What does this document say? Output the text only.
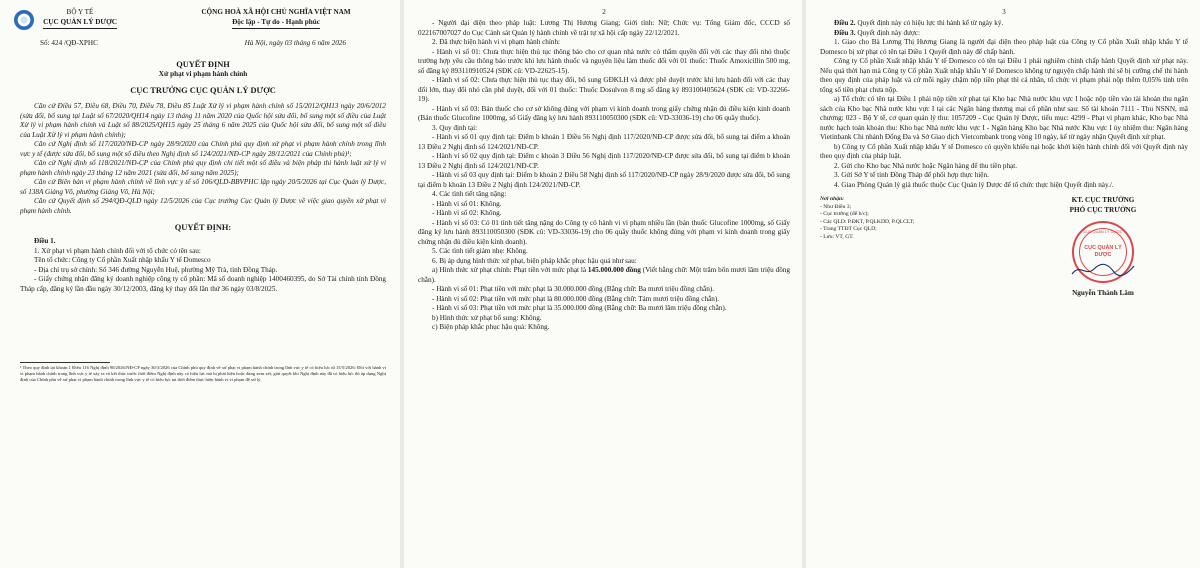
BỘ Y TẾ
CỤC QUẢN LÝ DƯỢC
CỘNG HOÀ XÃ HỘI CHỦ NGHĨA VIỆT NAM
Độc lập - Tự do - Hạnh phúc
Số: 424 /QĐ-XPHC	Hà Nội, ngày 03 tháng 6 năm 2026
QUYẾT ĐỊNH
Xử phạt vi phạm hành chính
CỤC TRƯỞNG CỤC QUẢN LÝ DƯỢC

Căn cứ Điều 57, Điều 68, Điều 70, Điều 78, Điều 85 Luật Xử lý vi phạm hành chính số 15/2012/QH13 ngày 20/6/2012 (sửa đổi, bổ sung tại Luật số 67/2020/QH14 ngày 13 tháng 11 năm 2020 của Quốc hội sửa đổi, bổ sung một số điều của Luật Xử lý vi phạm hành chính và Luật số 88/2025/QH15 ngày 25 tháng 6 năm 2025 của Quốc hội sửa đổi, bổ sung một số điều của Luật Xử lý vi phạm hành chính);

Căn cứ Nghị định số 117/2020/NĐ-CP ngày 28/9/2020 của Chính phủ quy định xử phạt vi phạm hành chính trong lĩnh vực y tế (được sửa đổi, bổ sung một số điều theo Nghị định số 124/2021/NĐ-CP ngày 28/12/2021 của Chính phủ)¹;

Căn cứ Nghị định số 118/2021/NĐ-CP của Chính phủ quy định chi tiết một số điều và biện pháp thi hành luật xử lý vi phạm hành chính ngày 23 tháng 12 năm 2021 (sửa đổi, bổ sung năm 2025);

Căn cứ Biên bản vi phạm hành chính về lĩnh vực y tế số 106/QLD-BBVPHC lập ngày 20/5/2026 tại Cục Quản lý Dược, số 138A Giảng Võ, phường Giảng Võ, Hà Nội;

Căn cứ Quyết định số 294/QĐ-QLD ngày 12/5/2026 của Cục trưởng Cục Quản lý Dược về việc giao quyền xử phạt vi phạm hành chính.

QUYẾT ĐỊNH:

Điều 1.

1. Xử phạt vi phạm hành chính đối với tổ chức có tên sau:

Tên tổ chức: Công ty Cổ phần Xuất nhập khẩu Y tế Domesco

- Địa chỉ trụ sở chính: Số 346 đường Nguyễn Huệ, phường Mỹ Trà, tỉnh Đồng Tháp.

- Giấy chứng nhận đăng ký doanh nghiệp công ty cổ phần: Mã số doanh nghiệp 1400460395, do Sở Tài chính tỉnh Đồng Tháp cấp, đăng ký lần đầu ngày 30/12/2003, đăng ký thay đổi lần thứ 36 ngày 03/8/2025.

¹ Theo quy định tại khoản 1 Điều 116 Nghị định 90/2026/NĐ-CP ngày 30/3/2026 của Chính phủ quy định về xử phạt vi phạm hành chính trong lĩnh vực y tế có hiệu lực từ 15/5/2026: Đối với hành vi vi phạm hành chính trong lĩnh vực y tế xảy ra và kết thúc trước thời điểm Nghị định này có hiệu lực mà bị phát hiện hoặc đang xem xét, giải quyết khi Nghị định này đã có hiệu lực thì áp dụng Nghị định của Chính phủ về xử phạt vi phạm hành chính trong lĩnh vực y tế có hiệu lực tại thời điểm thực hiện hành vi vi phạm để xử lý.

2

- Người đại diện theo pháp luật: Lương Thị Hương Giang; Giới tính: Nữ; Chức vụ: Tổng Giám đốc, CCCD số 022167007027 do Cục Cảnh sát Quản lý hành chính về trật tự xã hội cấp ngày 22/12/2021.

2. Đã thực hiện hành vi vi phạm hành chính:

- Hành vi số 01: Chưa thực hiện thủ tục thông báo cho cơ quan nhà nước có thẩm quyền đối với các thay đổi nhỏ thuộc trường hợp yêu cầu thông báo trước khi lưu hành thuốc và nguyên liệu làm thuốc đối với 01 thuốc: Thuốc Amoxicillin 500 mg, số đăng ký 893110910524 (SĐK cũ: VD-22625-15).

- Hành vi số 02: Chưa thực hiện thủ tục thay đổi, bổ sung GĐKLH và được phê duyệt trước khi lưu hành đối với các thay đổi lớn, thay đổi nhỏ cần phê duyệt, đối với 01 thuốc: Thuốc Dosulvon 8 mg số đăng ký 893100405624 (SĐK cũ: VD-32266-19).

- Hành vi số 03: Bán thuốc cho cơ sở không đúng với phạm vi kinh doanh trong giấy chứng nhận đủ điều kiện kinh doanh (Bán thuốc Glucofine 1000mg, số Giấy đăng ký lưu hành 893110050300 (SĐK cũ: VD-33036-19) cho 06 quầy thuốc).

3. Quy định tại:

- Hành vi số 01 quy định tại: Điểm b khoản 1 Điều 56 Nghị định 117/2020/NĐ-CP được sửa đổi, bổ sung tại điểm a khoản 13 Điều 2 Nghị định số 124/2021/NĐ-CP.

- Hành vi số 02 quy định tại: Điểm c khoản 3 Điều 56 Nghị định 117/2020/NĐ-CP được sửa đổi, bổ sung tại điểm b khoản 13 Điều 2 Nghị định số 124/2021/NĐ-CP.

- Hành vi số 03 quy định tại: Điểm b khoản 2 Điều 58 Nghị định số 117/2020/NĐ-CP ngày 28/9/2020 được sửa đổi, bổ sung tại điểm b khoản 13 Điều 2 Nghị định 124/2021/NĐ-CP.

4. Các tình tiết tăng nặng:

- Hành vi số 01: Không.

- Hành vi số 02: Không.

- Hành vi số 03: Có 01 tình tiết tăng nặng do Công ty có hành vi vi phạm nhiều lần (bán thuốc Glucofine 1000mg, số Giấy đăng ký lưu hành 893110050300 (SĐK cũ: VD-33036-19) cho 06 quầy thuốc không đúng với phạm vi kinh doanh trong giấy chứng nhận đủ điều kiện kinh doanh).

5. Các tình tiết giảm nhẹ: Không.

6. Bị áp dụng hình thức xử phạt, biện pháp khắc phục hậu quả như sau:

a) Hình thức xử phạt chính: Phạt tiền với mức phạt là 145.000.000 đồng (Viết bằng chữ: Một trăm bốn mươi lăm triệu đồng chẵn).

- Hành vi số 01: Phạt tiền với mức phạt là 30.000.000 đồng (Bằng chữ: Ba mươi triệu đồng chẵn).

- Hành vi số 02: Phạt tiền với mức phạt là 80.000.000 đồng (Bằng chữ: Tám mươi triệu đồng chẵn).

- Hành vi số 03: Phạt tiền với mức phạt là 35.000.000 đồng (Bằng chữ: Ba mươi lăm triệu đồng chẵn).

b) Hình thức xử phạt bổ sung: Không.

c) Biện pháp khắc phục hậu quả: Không.

3

Điều 2. Quyết định này có hiệu lực thi hành kể từ ngày ký.

Điều 3. Quyết định này được:

1. Giao cho Bà Lương Thị Hương Giang là người đại diện theo pháp luật của Công ty Cổ phần Xuất nhập khẩu Y tế Domesco bị xử phạt có tên tại Điều 1 Quyết định này để chấp hành.

Công ty Cổ phần Xuất nhập khẩu Y tế Domesco có tên tại Điều 1 phải nghiêm chỉnh chấp hành Quyết định xử phạt này. Nếu quá thời hạn mà Công ty Cổ phần Xuất nhập khẩu Y tế Domesco không tự nguyện chấp hành thì sẽ bị cưỡng chế thi hành theo quy định của pháp luật và cứ mỗi ngày chậm nộp tiền phạt thì cá nhân, tổ chức vi phạm phải nộp thêm 0,05% tính trên tổng số tiền phạt chưa nộp.

a) Tổ chức có tên tại Điều 1 phải nộp tiền xử phạt tại Kho bạc Nhà nước khu vực I hoặc nộp tiền vào tài khoản thu ngân sách của Kho bạc Nhà nước khu vực I tại các Ngân hàng thương mại cổ phần như sau: Số tài khoản 7111 - Thu NSNN, mã chương: 023 - Bộ Y tế, cơ quan quản lý thu: 1057209 - Cục Quản lý Dược, tiểu mục: 4299 - Phạt vi phạm khác, Kho bạc Nhà nước hạch toán khoản thu: Kho bạc Nhà nước khu vực I - Ngân hàng Kho bạc Nhà nước Khu vực I ủy nhiệm thu: Ngân hàng Vietinbank Chi nhánh Đống Đa và Sở Giao dịch Vietcombank trong vòng 10 ngày, kể từ ngày nhận Quyết định xử phạt.

b) Công ty Cổ phần Xuất nhập khẩu Y tế Domesco có quyền khiếu nại hoặc khởi kiện hành chính đối với Quyết định này theo quy định của pháp luật.

2. Gửi cho Kho bạc Nhà nước hoặc Ngân hàng để thu tiền phạt.

3. Gửi Sở Y tế tỉnh Đồng Tháp để phối hợp thực hiện.

4. Giao Phòng Quản lý giá thuốc thuộc Cục Quản lý Dược để tổ chức thực hiện Quyết định này./.

Nơi nhận:
- Như Điều 3;
- Cục trưởng (để b/c);
- Các QLD: P.ĐKT, P.QLKDD, P.QLCLT;
- Trang TTĐT Cục QLD;
- Lưu: VT, GT.
KT. CỤC TRƯỞNG
PHÓ CỤC TRƯỞNG
CỤC QUẢN LÝ DƯỢC
CỤC QUẢN LÝ DƯỢC
Nguyễn Thành Lâm
